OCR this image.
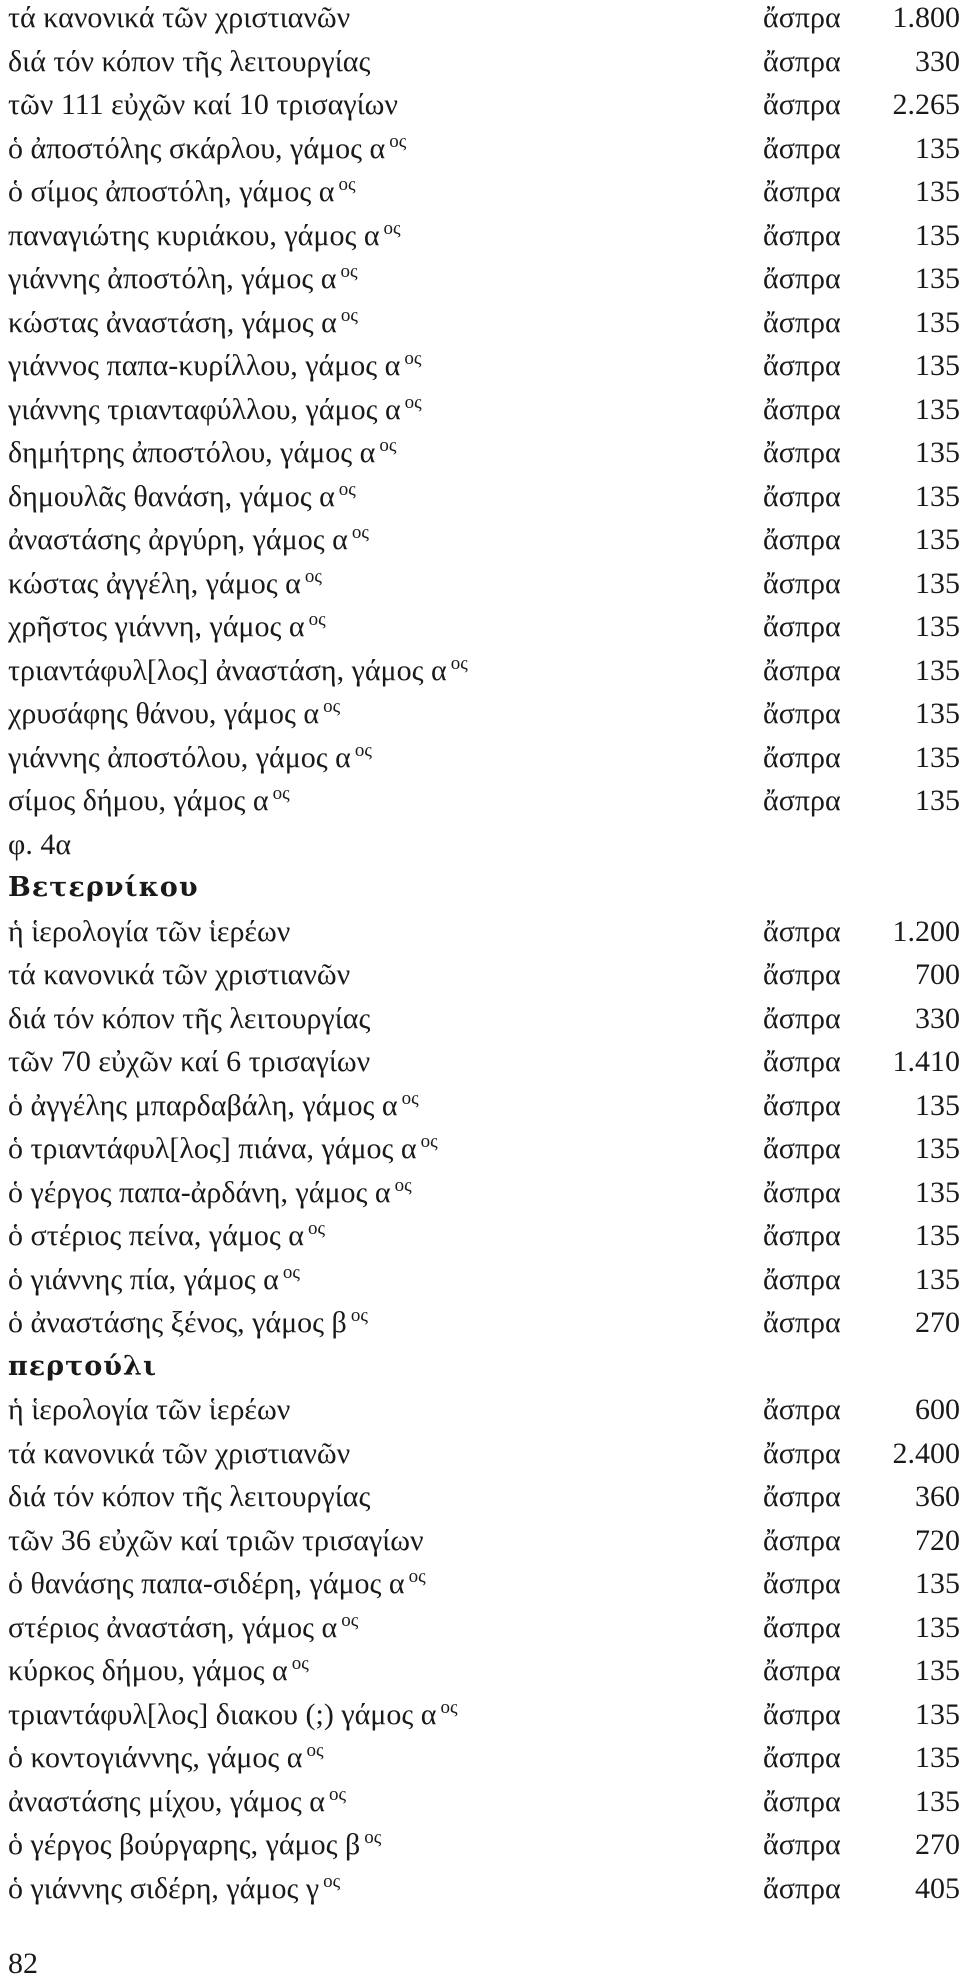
τά κανονικά τῶν χριστιανῶν	ἄσπρα	1.800
διά τόν κόπον τῆς λειτουργίας	ἄσπρα	330
τῶν 111 εὐχῶν καί 10 τρισαγίων	ἄσπρα	2.265
ὁ ἀποστόλης σκάρλου, γάμος α $^{o\varsigma}$	ἄσπρα	135
ὁ σίμος ἀποστόλη, γάμος α $^{o\varsigma}$	ἄσπρα	135
παναγιώτης κυριάκου, γάμος α $^{o\varsigma}$	ἄσπρα	135
γιάννης ἀποστόλη, γάμος α $^{o\varsigma}$	ἄσπρα	135
κώστας ἀναστάση, γάμος α $^{o\varsigma}$	ἄσπρα	135
γιάννος παπα-κυρίλλου, γάμος α $^{o\varsigma}$	ἄσπρα	135
γιάννης τριανταφύλλου, γάμος α $^{o\varsigma}$	ἄσπρα	135
δημήτρης ἀποστόλου, γάμος α $^{o\varsigma}$	ἄσπρα	135
δημουλᾶς θανάση, γάμος α $^{o\varsigma}$	ἄσπρα	135
ἀναστάσης ἀργύρη, γάμος α $^{o\varsigma}$	ἄσπρα	135
κώστας ἀγγέλη, γάμος α $^{o\varsigma}$	ἄσπρα	135
χρῆστος γιάννη, γάμος α $^{o\varsigma}$	ἄσπρα	135
τριαντάφυλ[λος] ἀναστάση, γάμος α $^{o\varsigma}$	ἄσπρα	135
χρυσάφης θάνου, γάμος α $^{o\varsigma}$	ἄσπρα	135
γιάννης ἀποστόλου, γάμος α $^{o\varsigma}$	ἄσπρα	135
σίμος δήμου, γάμος α $^{o\varsigma}$	ἄσπρα	135
φ. 4α
Βετερνίκου
ἡ ἱερολογία τῶν ἱερέων	ἄσπρα	1.200
τά κανονικά τῶν χριστιανῶν	ἄσπρα	700
διά τόν κόπον τῆς λειτουργίας	ἄσπρα	330
τῶν 70 εὐχῶν καί 6 τρισαγίων	ἄσπρα	1.410
ὁ ἀγγέλης μπαρδαβάλη, γάμος α $^{o\varsigma}$	ἄσπρα	135
ὁ τριαντάφυλ[λος] πιάνα, γάμος α $^{o\varsigma}$	ἄσπρα	135
ὁ γέργος παπα-ἀρδάνη, γάμος α $^{o\varsigma}$	ἄσπρα	135
ὁ στέριος πείνα, γάμος α $^{o\varsigma}$	ἄσπρα	135
ὁ γιάννης πία, γάμος α $^{o\varsigma}$	ἄσπρα	135
ὁ ἀναστάσης ξένος, γάμος β $^{o\varsigma}$	ἄσπρα	270
περτούλι
ἡ ἱερολογία τῶν ἱερέων	ἄσπρα	600
τά κανονικά τῶν χριστιανῶν	ἄσπρα	2.400
διά τόν κόπον τῆς λειτουργίας	ἄσπρα	360
τῶν 36 εὐχῶν καί τριῶν τρισαγίων	ἄσπρα	720
ὁ θανάσης παπα-σιδέρη, γάμος α $^{o\varsigma}$	ἄσπρα	135
στέριος ἀναστάση, γάμος α $^{o\varsigma}$	ἄσπρα	135
κύρκος δήμου, γάμος α $^{o\varsigma}$	ἄσπρα	135
τριαντάφυλ[λος] διακου (;) γάμος α $^{o\varsigma}$	ἄσπρα	135
ὁ κοντογιάννης, γάμος α $^{o\varsigma}$	ἄσπρα	135
ἀναστάσης μίχου, γάμος α $^{o\varsigma}$	ἄσπρα	135
ὁ γέργος βούργαρης, γάμος β $^{o\varsigma}$	ἄσπρα	270
ὁ γιάννης σιδέρη, γάμος γ $^{o\varsigma}$	ἄσπρα	405
82
